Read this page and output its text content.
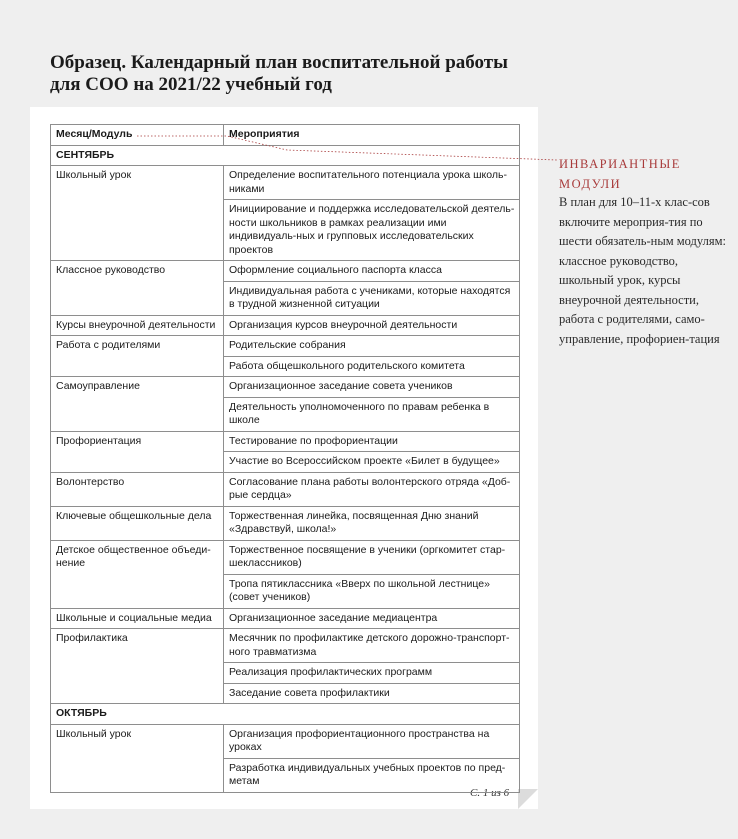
Образец. Календарный план воспитательной работы для СОО на 2021/22 учебный год
С. 1 из 6
Месяц/Модуль	Мероприятия
СЕНТЯБРЬ	
Школьный урок	Определение воспитательного потенциала урока школь-никами
	Инициирование и поддержка исследовательской деятель-ности школьников в рамках реализации ими индивидуаль-ных и групповых исследовательских проектов
Классное руководство	Оформление социального паспорта класса
	Индивидуальная работа с учениками, которые находятся в трудной жизненной ситуации
Курсы внеурочной деятельности	Организация курсов внеурочной деятельности
Работа с родителями	Родительские собрания
	Работа общешкольного родительского комитета
Самоуправление	Организационное заседание совета учеников
	Деятельность уполномоченного по правам ребенка в школе
Профориентация	Тестирование по профориентации
	Участие во Всероссийском проекте «Билет в будущее»
Волонтерство	Согласование плана работы волонтерского отряда «Доб-рые сердца»
Ключевые общешкольные дела	Торжественная линейка, посвященная Дню знаний «Здравствуй, школа!»
Детское общественное объеди-нение	Торжественное посвящение в ученики (оргкомитет стар-шеклассников)
	Тропа пятиклассника «Вверх по школьной лестнице» (совет учеников)
Школьные и социальные медиа	Организационное заседание медиацентра
Профилактика	Месячник по профилактике детского дорожно-транспорт-ного травматизма
	Реализация профилактических программ
	Заседание совета профилактики
ОКТЯБРЬ	
Школьный урок	Организация профориентационного пространства на уроках
	Разработка индивидуальных учебных проектов по пред-метам
ИНВАРИАНТНЫЕ МОДУЛИ
В план для 10–11-х клас-сов включите мероприя-тия по шести обязатель-ным модулям: классное руководство, школьный урок, курсы внеурочной деятельности, работа с родителями, само-управление, профориен-тация
